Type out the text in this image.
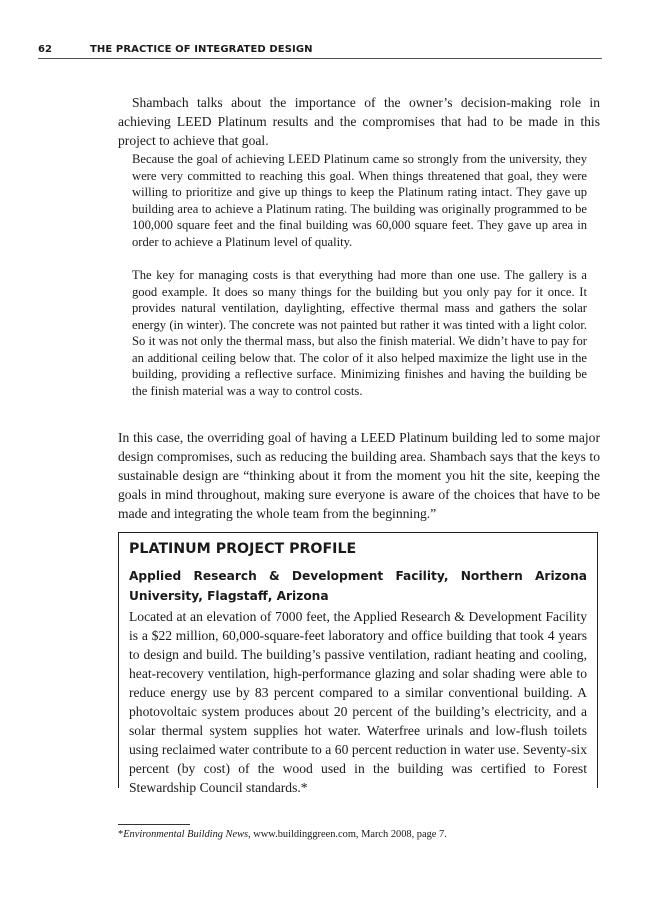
62	THE PRACTICE OF INTEGRATED DESIGN
Shambach talks about the importance of the owner’s decision-making role in achieving LEED Platinum results and the compromises that had to be made in this project to achieve that goal.
Because the goal of achieving LEED Platinum came so strongly from the university, they were very committed to reaching this goal. When things threatened that goal, they were willing to prioritize and give up things to keep the Platinum rating intact. They gave up building area to achieve a Platinum rating. The building was originally programmed to be 100,000 square feet and the final building was 60,000 square feet. They gave up area in order to achieve a Platinum level of quality.
The key for managing costs is that everything had more than one use. The gallery is a good example. It does so many things for the building but you only pay for it once. It provides natural ventilation, daylighting, effective thermal mass and gathers the solar energy (in winter). The concrete was not painted but rather it was tinted with a light color. So it was not only the thermal mass, but also the finish material. We didn’t have to pay for an additional ceiling below that. The color of it also helped maximize the light use in the building, providing a reflective surface. Minimizing finishes and having the building be the finish material was a way to control costs.
In this case, the overriding goal of having a LEED Platinum building led to some major design compromises, such as reducing the building area. Shambach says that the keys to sustainable design are “thinking about it from the moment you hit the site, keeping the goals in mind throughout, making sure everyone is aware of the choices that have to be made and integrating the whole team from the beginning.”
PLATINUM PROJECT PROFILE
Applied Research & Development Facility, Northern Arizona University, Flagstaff, Arizona
Located at an elevation of 7000 feet, the Applied Research & Development Facility is a $22 million, 60,000-square-feet laboratory and office building that took 4 years to design and build. The building’s passive ventilation, radiant heating and cooling, heat-recovery ventilation, high-performance glazing and solar shading were able to reduce energy use by 83 percent compared to a similar conventional building. A photovoltaic system produces about 20 percent of the building’s electricity, and a solar thermal system supplies hot water. Waterfree urinals and low-flush toilets using reclaimed water contribute to a 60 percent reduction in water use. Seventy-six percent (by cost) of the wood used in the building was certified to Forest Stewardship Council standards.*
*Environmental Building News, www.buildinggreen.com, March 2008, page 7.
